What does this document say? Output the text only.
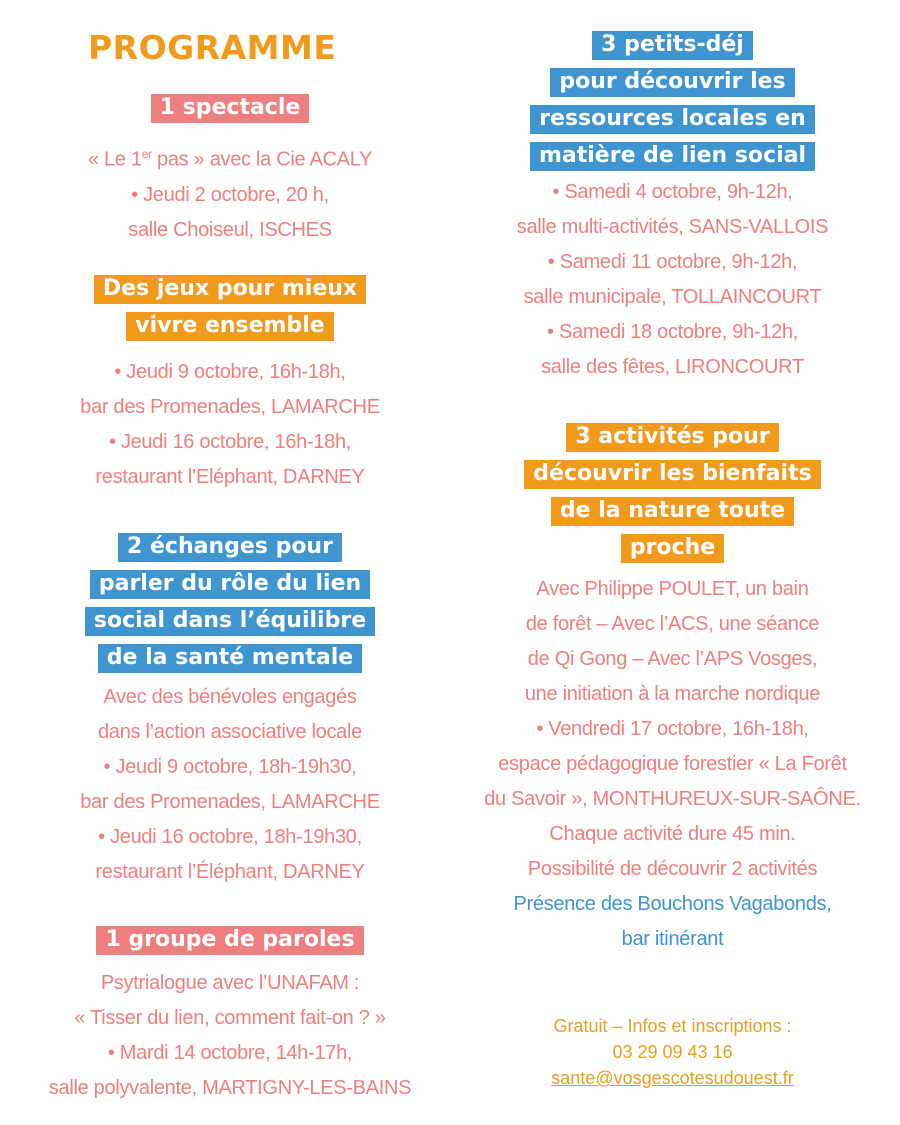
PROGRAMME
1 spectacle
« Le 1er pas » avec la Cie ACALY
• Jeudi 2 octobre, 20 h,
salle Choiseul, ISCHES
Des jeux pour mieux
vivre ensemble
• Jeudi 9 octobre, 16h-18h,
bar des Promenades, LAMARCHE
• Jeudi 16 octobre, 16h-18h,
restaurant l’Eléphant, DARNEY
2 échanges pour
parler du rôle du lien
social dans l’équilibre
de la santé mentale
Avec des bénévoles engagés
dans l’action associative locale
• Jeudi 9 octobre, 18h-19h30,
bar des Promenades, LAMARCHE
• Jeudi 16 octobre, 18h-19h30,
restaurant l’Éléphant, DARNEY
1 groupe de paroles
Psytrialogue avec l’UNAFAM :
« Tisser du lien, comment fait-on ? »
• Mardi 14 octobre, 14h-17h,
salle polyvalente, MARTIGNY-LES-BAINS
3 petits-déj
pour découvrir les
ressources locales en
matière de lien social
• Samedi 4 octobre, 9h-12h,
salle multi-activités, SANS-VALLOIS
• Samedi 11 octobre, 9h-12h,
salle municipale, TOLLAINCOURT
• Samedi 18 octobre, 9h-12h,
salle des fêtes, LIRONCOURT
3 activités pour
découvrir les bienfaits
de la nature toute
proche
Avec Philippe POULET, un bain
de forêt – Avec l’ACS, une séance
de Qi Gong – Avec l’APS Vosges,
une initiation à la marche nordique
• Vendredi 17 octobre, 16h-18h,
espace pédagogique forestier « La Forêt
du Savoir », MONTHUREUX-SUR-SAÔNE.
Chaque activité dure 45 min.
Possibilité de découvrir 2 activités
Présence des Bouchons Vagabonds,
bar itinérant
Gratuit – Infos et inscriptions :
03 29 09 43 16
sante@vosgescotesudouest.fr
